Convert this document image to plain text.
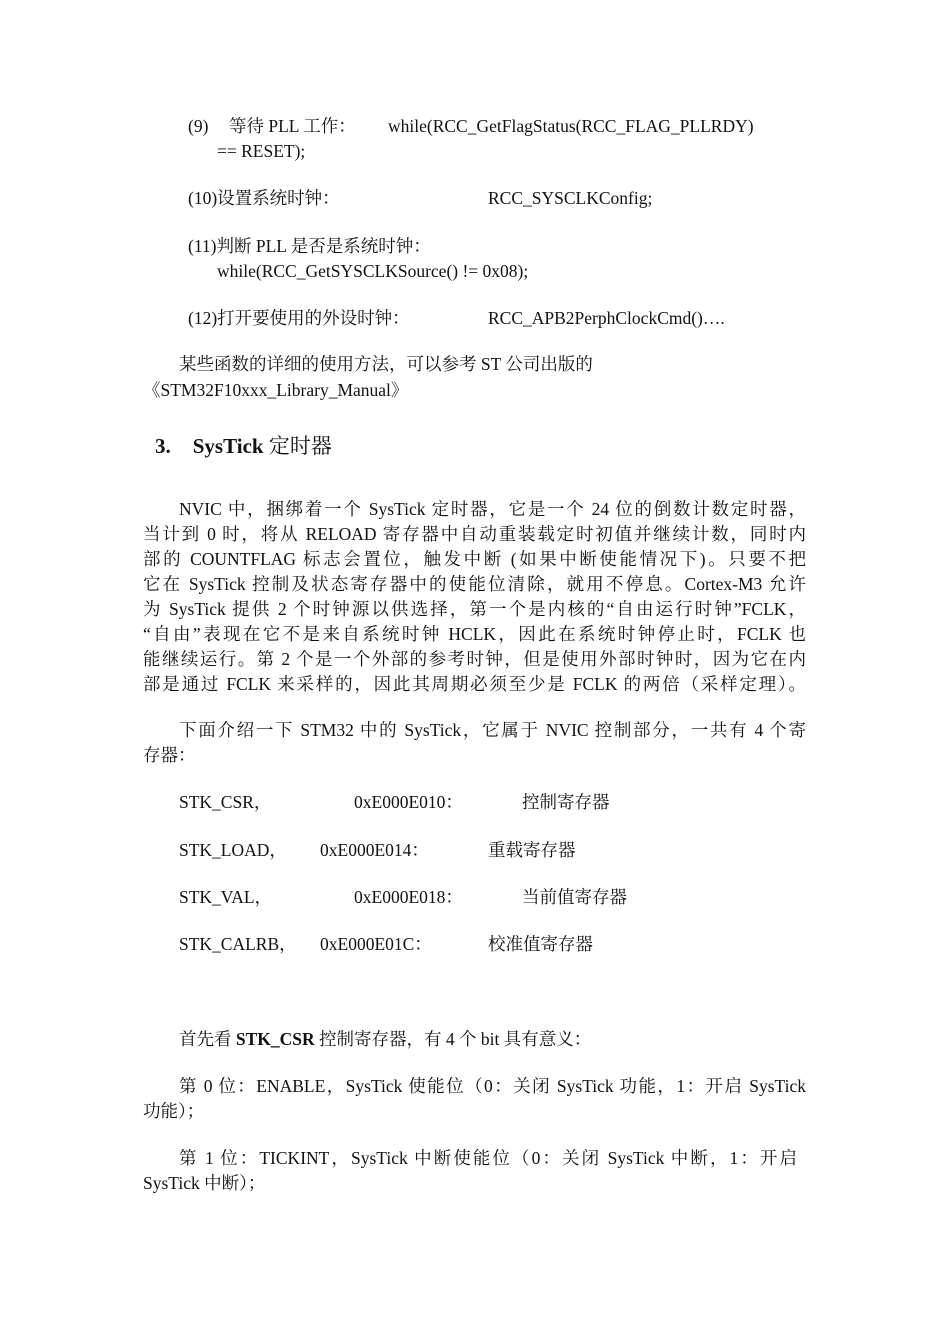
(9) 等待 PLL 工作： while(RCC_GetFlagStatus(RCC_FLAG_PLLRDY)
== RESET);
(10)设置系统时钟：	RCC_SYSCLKConfig;
(11)判断 PLL 是否是系统时钟：
while(RCC_GetSYSCLKSource() != 0x08);
(12)打开要使用的外设时钟：	RCC_APB2PerphClockCmd()….
某些函数的详细的使用方法，可以参考 ST 公司出版的
《STM32F10xxx_Library_Manual》
3. SysTick 定时器
NVIC 中，捆绑着一个 SysTick 定时器，它是一个 24 位的倒数计数定时器，
当计到 0 时，将从 RELOAD 寄存器中自动重装载定时初值并继续计数，同时内
部的 COUNTFLAG 标志会置位，触发中断 (如果中断使能情况下)。只要不把
它在 SysTick 控制及状态寄存器中的使能位清除，就用不停息。Cortex-M3 允许
为 SysTick 提供 2 个时钟源以供选择，第一个是内核的“自由运行时钟”FCLK，
“自由”表现在它不是来自系统时钟 HCLK，因此在系统时钟停止时，FCLK 也
能继续运行。第 2 个是一个外部的参考时钟，但是使用外部时钟时，因为它在内
部是通过 FCLK 来采样的，因此其周期必须至少是 FCLK 的两倍（采样定理）。
下面介绍一下 STM32 中的 SysTick，它属于 NVIC 控制部分，一共有 4 个寄
存器：
STK_CSR，	0xE000E010：	控制寄存器
STK_LOAD， 0xE000E014：	重载寄存器
STK_VAL，	0xE000E018：	当前值寄存器
STK_CALRB， 0xE000E01C：	校准值寄存器
首先看 STK_CSR 控制寄存器，有 4 个 bit 具有意义：
第 0 位：ENABLE，SysTick 使能位（0：关闭 SysTick 功能，1：开启 SysTick
功能）；
第 1 位：TICKINT，SysTick 中断使能位（0：关闭 SysTick 中断，1：开启
SysTick 中断）；
